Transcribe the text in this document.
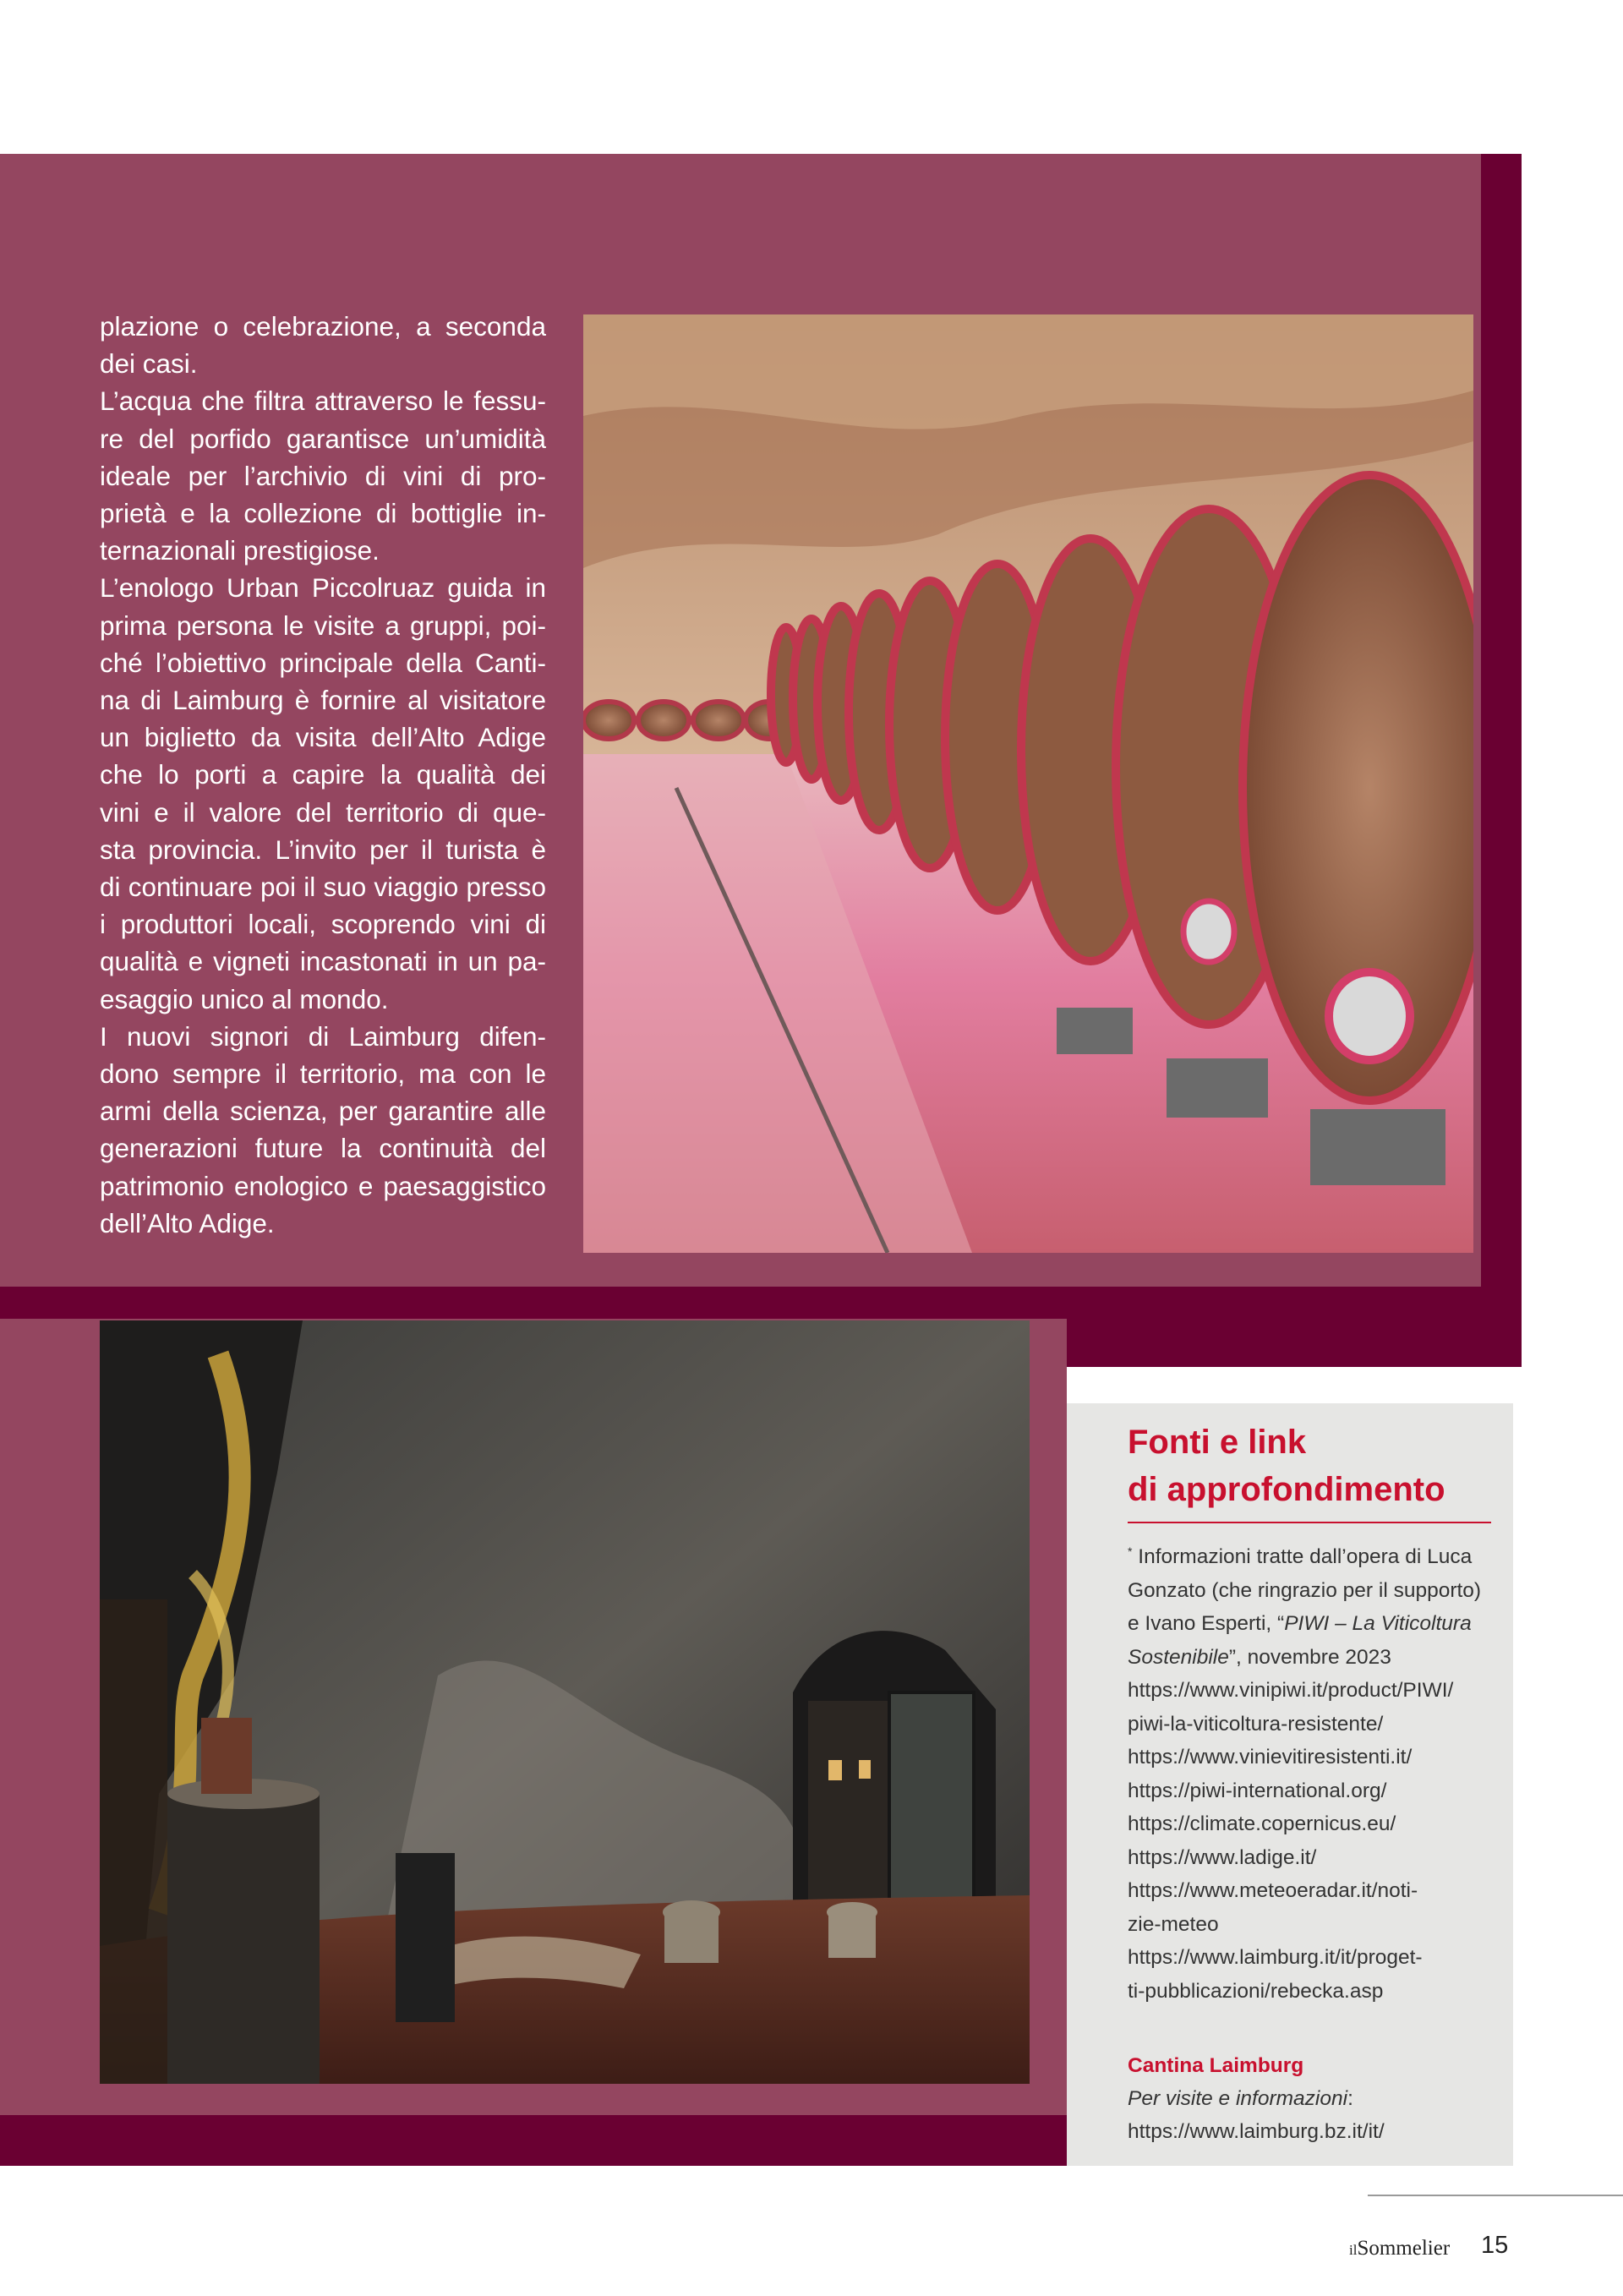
plazione o celebrazione, a seconda

dei casi.

L’acqua che filtra attraverso le fessu-

re del porfido garantisce un’umidità

ideale per l’archivio di vini di pro-

prietà e la collezione di bottiglie in-

ternazionali prestigiose.

L’enologo Urban Piccolruaz guida in

prima persona le visite a gruppi, poi-

ché l’obiettivo principale della Canti-

na di Laimburg è fornire al visitatore

un biglietto da visita dell’Alto Adige

che lo porti a capire la qualità dei

vini e il valore del territorio di que-

sta provincia. L’invito per il turista è

di continuare poi il suo viaggio presso

i produttori locali, scoprendo vini di

qualità e vigneti incastonati in un pa-

esaggio unico al mondo.

I nuovi signori di Laimburg difen-

dono sempre il territorio, ma con le

armi della scienza, per garantire alle

generazioni future la continuità del

patrimonio enologico e paesaggistico

dell’Alto Adige.

Fonti e link
di approfondimento
* Informazioni tratte dall’opera di Luca
Gonzato (che ringrazio per il supporto)
e Ivano Esperti, “PIWI – La Viticoltura
Sostenibile”, novembre 2023
https://www.vinipiwi.it/product/PIWI/
piwi-la-viticoltura-resistente/
https://www.vinievitiresistenti.it/
https://piwi-international.org/
https://climate.copernicus.eu/
https://www.ladige.it/
https://www.meteoeradar.it/noti-
zie-meteo
https://www.laimburg.it/it/proget-
ti-pubblicazioni/rebecka.asp
Cantina Laimburg
Per visite e informazioni:
https://www.laimburg.bz.it/it/
ilSommelier 15
